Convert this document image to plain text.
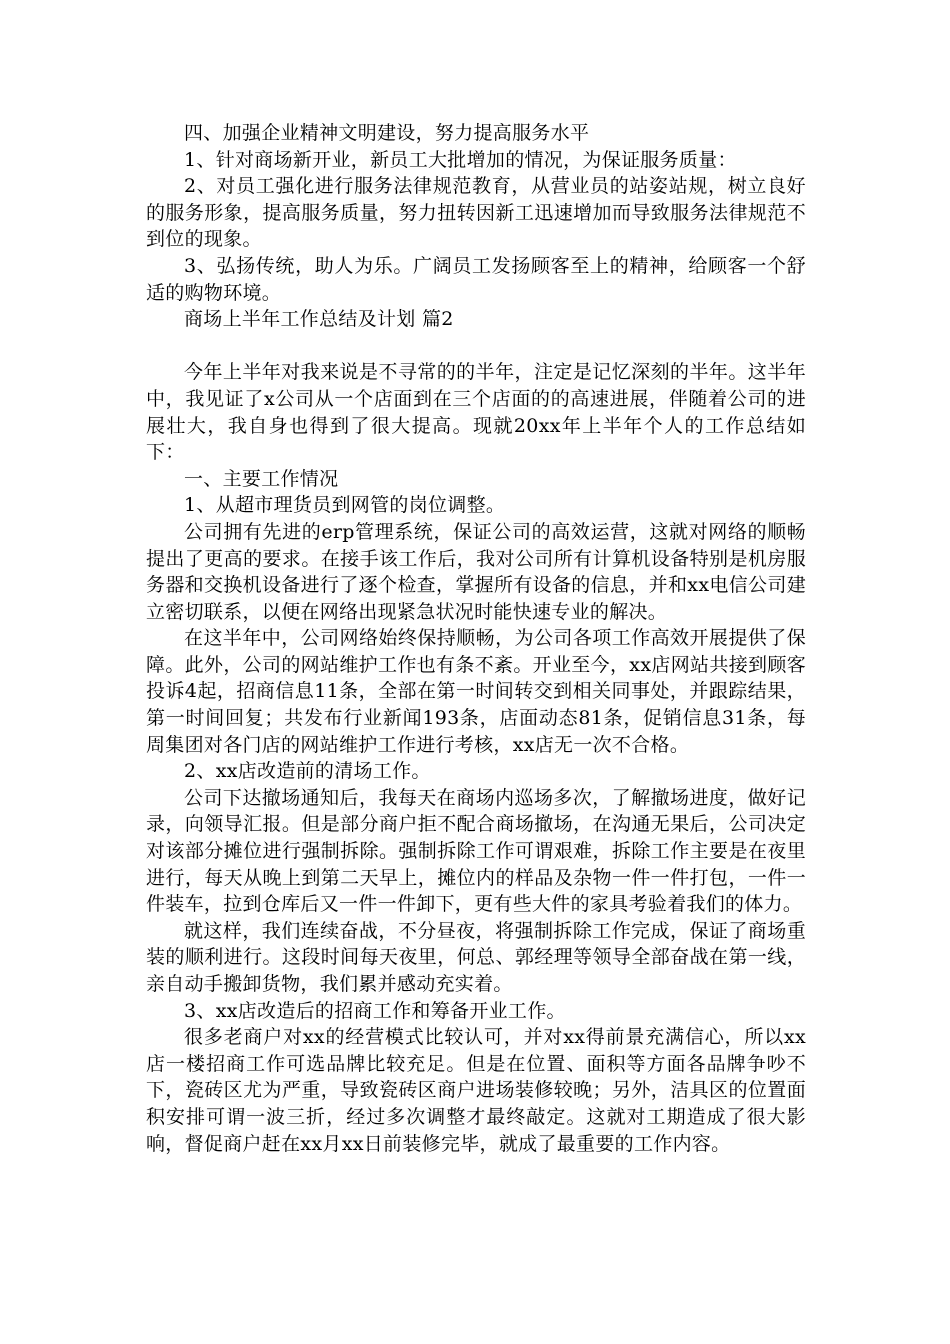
四、加强企业精神文明建设，努力提高服务水平

1、针对商场新开业，新员工大批增加的情况，为保证服务质量：

2、对员工强化进行服务法律规范教育，从营业员的站姿站规，树立良好的服务形象，提高服务质量，努力扭转因新工迅速增加而导致服务法律规范不到位的现象。

3、弘扬传统，助人为乐。广阔员工发扬顾客至上的精神，给顾客一个舒适的购物环境。

商场上半年工作总结及计划 篇2

今年上半年对我来说是不寻常的的半年，注定是记忆深刻的半年。这半年中，我见证了x公司从一个店面到在三个店面的的高速进展，伴随着公司的进展壮大，我自身也得到了很大提高。现就20xx年上半年个人的工作总结如下：

一、主要工作情况

1、从超市理货员到网管的岗位调整。

公司拥有先进的erp管理系统，保证公司的高效运营，这就对网络的顺畅提出了更高的要求。在接手该工作后，我对公司所有计算机设备特别是机房服务器和交换机设备进行了逐个检查，掌握所有设备的信息，并和xx电信公司建立密切联系，以便在网络出现紧急状况时能快速专业的解决。

在这半年中，公司网络始终保持顺畅，为公司各项工作高效开展提供了保障。此外，公司的网站维护工作也有条不紊。开业至今，xx店网站共接到顾客投诉4起，招商信息11条，全部在第一时间转交到相关同事处，并跟踪结果，第一时间回复；共发布行业新闻193条，店面动态81条，促销信息31条，每周集团对各门店的网站维护工作进行考核，xx店无一次不合格。

2、xx店改造前的清场工作。

公司下达撤场通知后，我每天在商场内巡场多次，了解撤场进度，做好记录，向领导汇报。但是部分商户拒不配合商场撤场，在沟通无果后，公司决定对该部分摊位进行强制拆除。强制拆除工作可谓艰难，拆除工作主要是在夜里进行，每天从晚上到第二天早上，摊位内的样品及杂物一件一件打包，一件一件装车，拉到仓库后又一件一件卸下，更有些大件的家具考验着我们的体力。

就这样，我们连续奋战，不分昼夜，将强制拆除工作完成，保证了商场重装的顺利进行。这段时间每天夜里，何总、郭经理等领导全部奋战在第一线，亲自动手搬卸货物，我们累并感动充实着。

3、xx店改造后的招商工作和筹备开业工作。

很多老商户对xx的经营模式比较认可，并对xx得前景充满信心，所以xx店一楼招商工作可选品牌比较充足。但是在位置、面积等方面各品牌争吵不下，瓷砖区尤为严重，导致瓷砖区商户进场装修较晚；另外，洁具区的位置面积安排可谓一波三折，经过多次调整才最终敲定。这就对工期造成了很大影响，督促商户赶在xx月xx日前装修完毕，就成了最重要的工作内容。
